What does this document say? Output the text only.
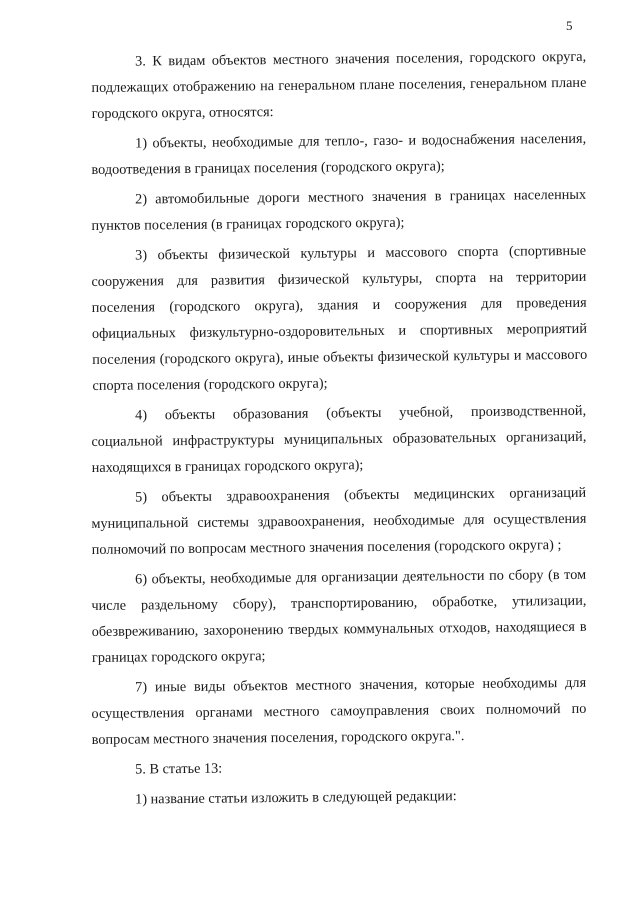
5

3. К видам объектов местного значения поселения, городского округа, подлежащих отображению на генеральном плане поселения, генеральном плане городского округа, относятся:

1) объекты, необходимые для тепло-, газо- и водоснабжения населения, водоотведения в границах поселения (городского округа);

2) автомобильные дороги местного значения в границах населенных пунктов поселения (в границах городского округа);

3) объекты физической культуры и массового спорта (спортивные сооружения для развития физической культуры, спорта на территории поселения (городского округа), здания и сооружения для проведения официальных физкультурно-оздоровительных и спортивных мероприятий поселения (городского округа), иные объекты физической культуры и массового спорта поселения (городского округа);

4) объекты образования (объекты учебной, производственной, социальной инфраструктуры муниципальных образовательных организаций, находящихся в границах городского округа);

5) объекты здравоохранения (объекты медицинских организаций муниципальной системы здравоохранения, необходимые для осуществления полномочий по вопросам местного значения поселения (городского округа) ;

6) объекты, необходимые для организации деятельности по сбору (в том числе раздельному сбору), транспортированию, обработке, утилизации, обезвреживанию, захоронению твердых коммунальных отходов, находящиеся в границах городского округа;

7) иные виды объектов местного значения, которые необходимы для осуществления органами местного самоуправления своих полномочий по вопросам местного значения поселения, городского округа.".

5. В статье 13:

1) название статьи изложить в следующей редакции:
